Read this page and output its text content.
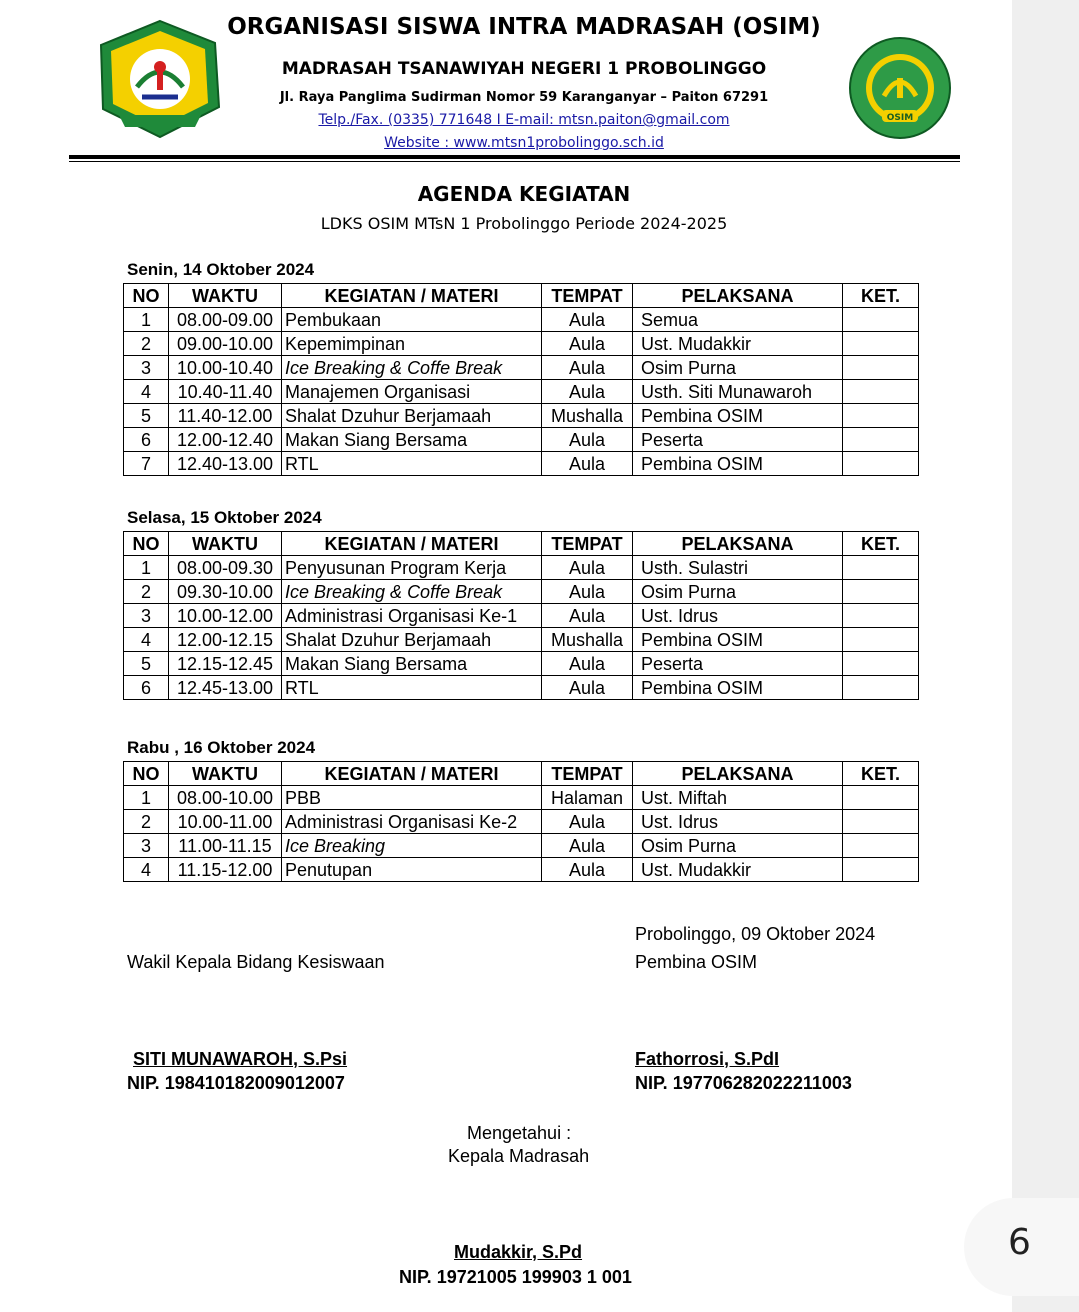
6
OSIM
ORGANISASI SISWA INTRA MADRASAH (OSIM)
MADRASAH TSANAWIYAH NEGERI 1 PROBOLINGGO
Jl. Raya Panglima Sudirman Nomor 59 Karanganyar – Paiton 67291
Telp./Fax. (0335) 771648 I E-mail: mtsn.paiton@gmail.com
Website : www.mtsn1probolinggo.sch.id
AGENDA KEGIATAN
LDKS OSIM MTsN 1 Probolinggo Periode 2024-2025
Senin, 14 Oktober 2024
NO	WAKTU	KEGIATAN / MATERI	TEMPAT	PELAKSANA	KET.
1	08.00-09.00	Pembukaan	Aula	Semua	
2	09.00-10.00	Kepemimpinan	Aula	Ust. Mudakkir	
3	10.00-10.40	Ice Breaking & Coffe Break	Aula	Osim Purna	
4	10.40-11.40	Manajemen Organisasi	Aula	Usth. Siti Munawaroh	
5	11.40-12.00	Shalat Dzuhur Berjamaah	Mushalla	Pembina OSIM	
6	12.00-12.40	Makan Siang Bersama	Aula	Peserta	
7	12.40-13.00	RTL	Aula	Pembina OSIM	
Selasa, 15 Oktober 2024
NO	WAKTU	KEGIATAN / MATERI	TEMPAT	PELAKSANA	KET.
1	08.00-09.30	Penyusunan Program Kerja	Aula	Usth. Sulastri	
2	09.30-10.00	Ice Breaking & Coffe Break	Aula	Osim Purna	
3	10.00-12.00	Administrasi Organisasi Ke-1	Aula	Ust. Idrus	
4	12.00-12.15	Shalat Dzuhur Berjamaah	Mushalla	Pembina OSIM	
5	12.15-12.45	Makan Siang Bersama	Aula	Peserta	
6	12.45-13.00	RTL	Aula	Pembina OSIM	
Rabu , 16 Oktober 2024
NO	WAKTU	KEGIATAN / MATERI	TEMPAT	PELAKSANA	KET.
1	08.00-10.00	PBB	Halaman	Ust. Miftah	
2	10.00-11.00	Administrasi Organisasi Ke-2	Aula	Ust. Idrus	
3	11.00-11.15	Ice Breaking	Aula	Osim Purna	
4	11.15-12.00	Penutupan	Aula	Ust. Mudakkir	
Probolinggo, 09 Oktober 2024
Wakil Kepala Bidang Kesiswaan	Pembina OSIM
SITI MUNAWAROH, S.Psi
NIP. 198410182009012007
Fathorrosi, S.PdI
NIP. 197706282022211003
Mengetahui :
Kepala Madrasah
Mudakkir, S.Pd
NIP. 19721005 199903 1 001
